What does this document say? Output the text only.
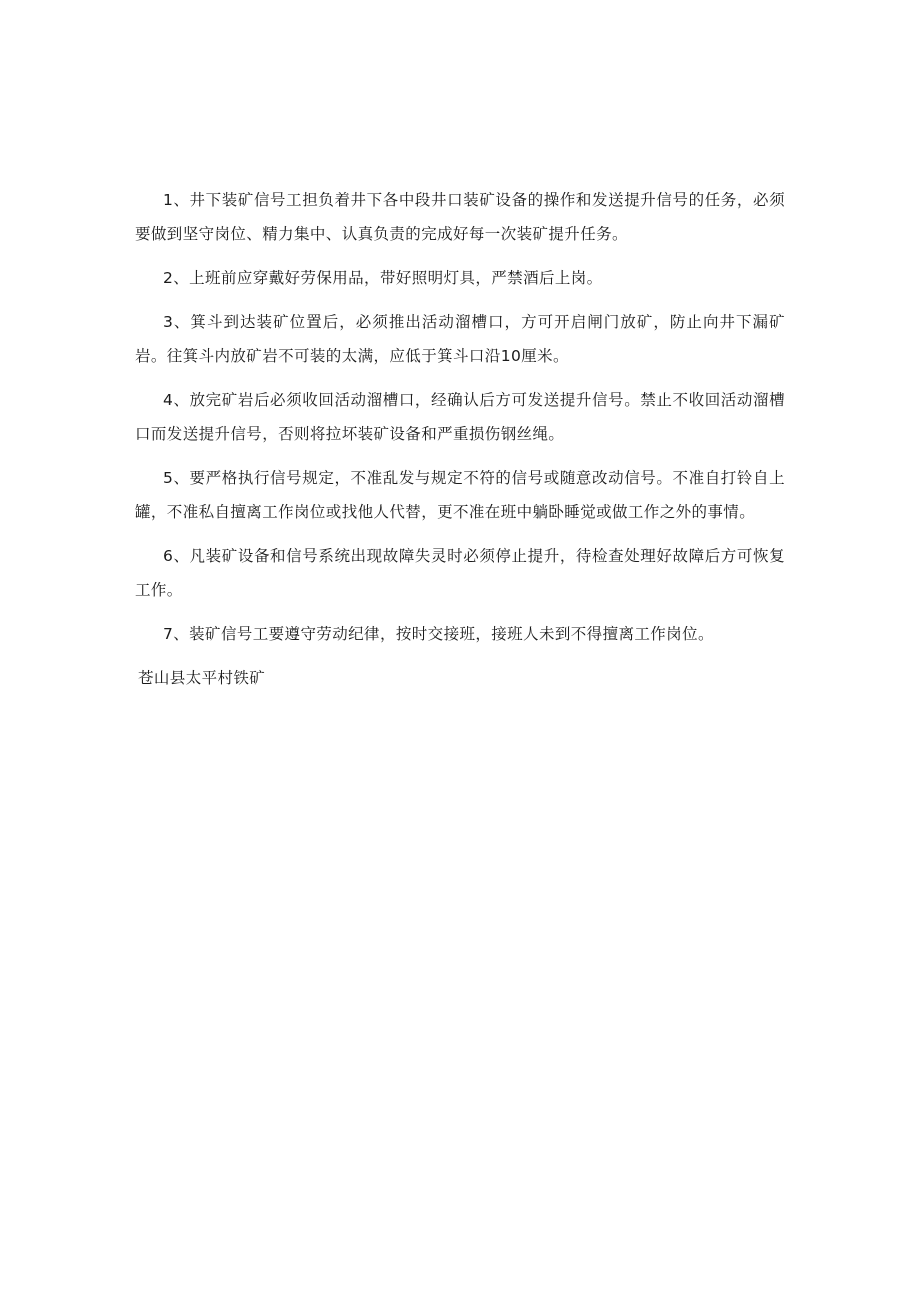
1、井下装矿信号工担负着井下各中段井口装矿设备的操作和发送提升信号的任务，必须要做到坚守岗位、精力集中、认真负责的完成好每一次装矿提升任务。

2、上班前应穿戴好劳保用品，带好照明灯具，严禁酒后上岗。

3、箕斗到达装矿位置后，必须推出活动溜槽口，方可开启闸门放矿，防止向井下漏矿岩。往箕斗内放矿岩不可装的太满，应低于箕斗口沿10厘米。

4、放完矿岩后必须收回活动溜槽口，经确认后方可发送提升信号。禁止不收回活动溜槽口而发送提升信号，否则将拉坏装矿设备和严重损伤钢丝绳。

5、要严格执行信号规定，不准乱发与规定不符的信号或随意改动信号。不准自打铃自上罐，不准私自擅离工作岗位或找他人代替，更不准在班中躺卧睡觉或做工作之外的事情。

6、凡装矿设备和信号系统出现故障失灵时必须停止提升，待检查处理好故障后方可恢复工作。

7、装矿信号工要遵守劳动纪律，按时交接班，接班人未到不得擅离工作岗位。

苍山县太平村铁矿
